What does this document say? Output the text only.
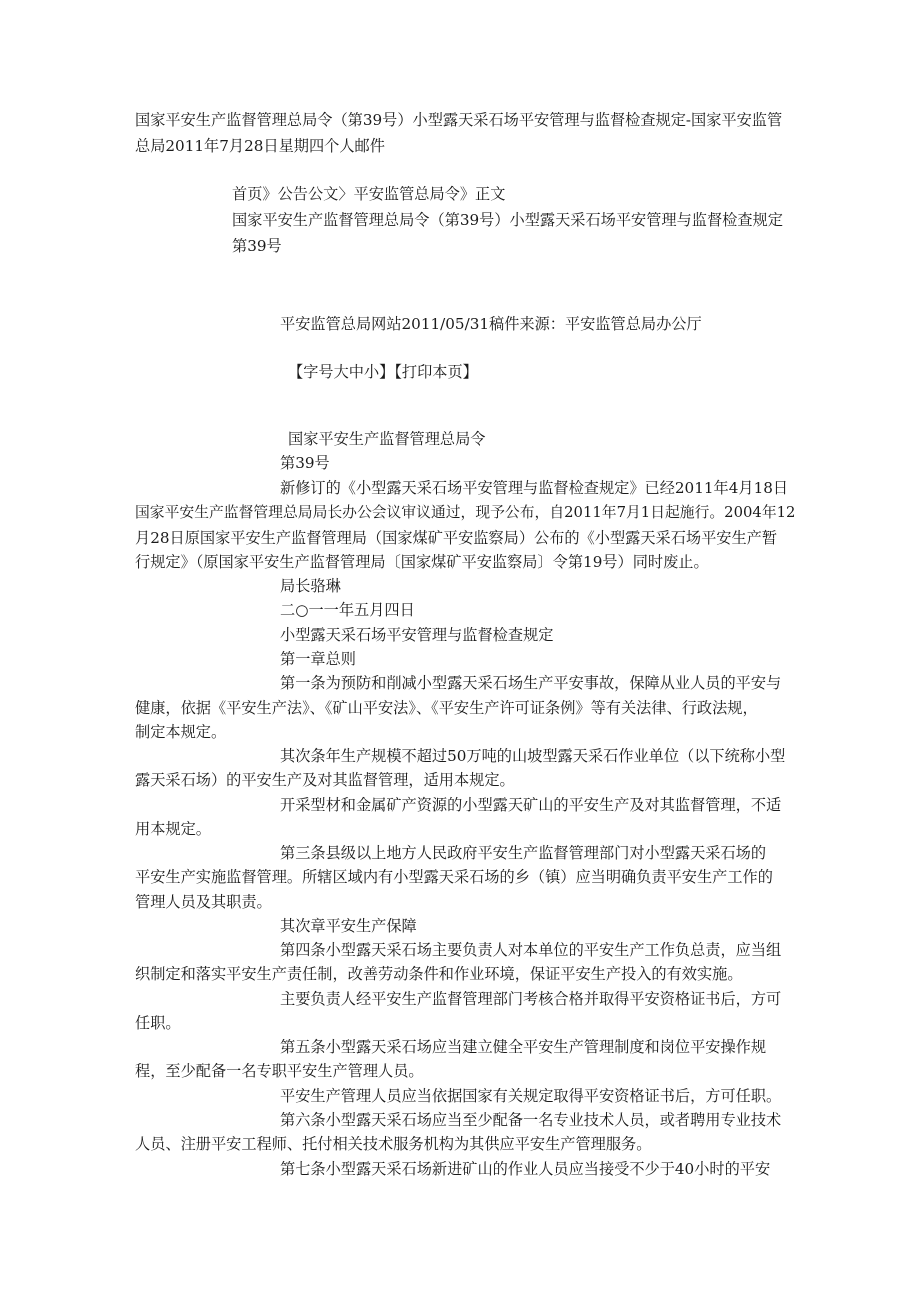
国家平安生产监督管理总局令（第39号）小型露天采石场平安管理与监督检查规定-国家平安监管
总局2011年7月28日星期四个人邮件
首页》公告公文〉平安监管总局令》正文
国家平安生产监督管理总局令（第39号）小型露天采石场平安管理与监督检查规定
第39号
平安监管总局网站2011/05/31稿件来源：平安监管总局办公厅
【字号大中小】【打印本页】
国家平安生产监督管理总局令
第39号
新修订的《小型露天采石场平安管理与监督检查规定》已经2011年4月18日
国家平安生产监督管理总局局长办公会议审议通过，现予公布，自2011年7月1日起施行。2004年12
月28日原国家平安生产监督管理局（国家煤矿平安监察局）公布的《小型露天采石场平安生产暂
行规定》（原国家平安生产监督管理局〔国家煤矿平安监察局〕令第19号）同时废止。
局长骆琳
二○一一年五月四日
小型露天采石场平安管理与监督检查规定
第一章总则
第一条为预防和削减小型露天采石场生产平安事故，保障从业人员的平安与
健康，依据《平安生产法》、《矿山平安法》、《平安生产许可证条例》等有关法律、行政法规，
制定本规定。
其次条年生产规模不超过50万吨的山坡型露天采石作业单位（以下统称小型
露天采石场）的平安生产及对其监督管理，适用本规定。
开采型材和金属矿产资源的小型露天矿山的平安生产及对其监督管理，不适
用本规定。
第三条县级以上地方人民政府平安生产监督管理部门对小型露天采石场的
平安生产实施监督管理。所辖区域内有小型露天采石场的乡（镇）应当明确负责平安生产工作的
管理人员及其职责。
其次章平安生产保障
第四条小型露天采石场主要负责人对本单位的平安生产工作负总责，应当组
织制定和落实平安生产责任制，改善劳动条件和作业环境，保证平安生产投入的有效实施。
主要负责人经平安生产监督管理部门考核合格并取得平安资格证书后，方可
任职。
第五条小型露天采石场应当建立健全平安生产管理制度和岗位平安操作规
程，至少配备一名专职平安生产管理人员。
平安生产管理人员应当依据国家有关规定取得平安资格证书后，方可任职。
第六条小型露天采石场应当至少配备一名专业技术人员，或者聘用专业技术
人员、注册平安工程师、托付相关技术服务机构为其供应平安生产管理服务。
第七条小型露天采石场新进矿山的作业人员应当接受不少于40小时的平安
